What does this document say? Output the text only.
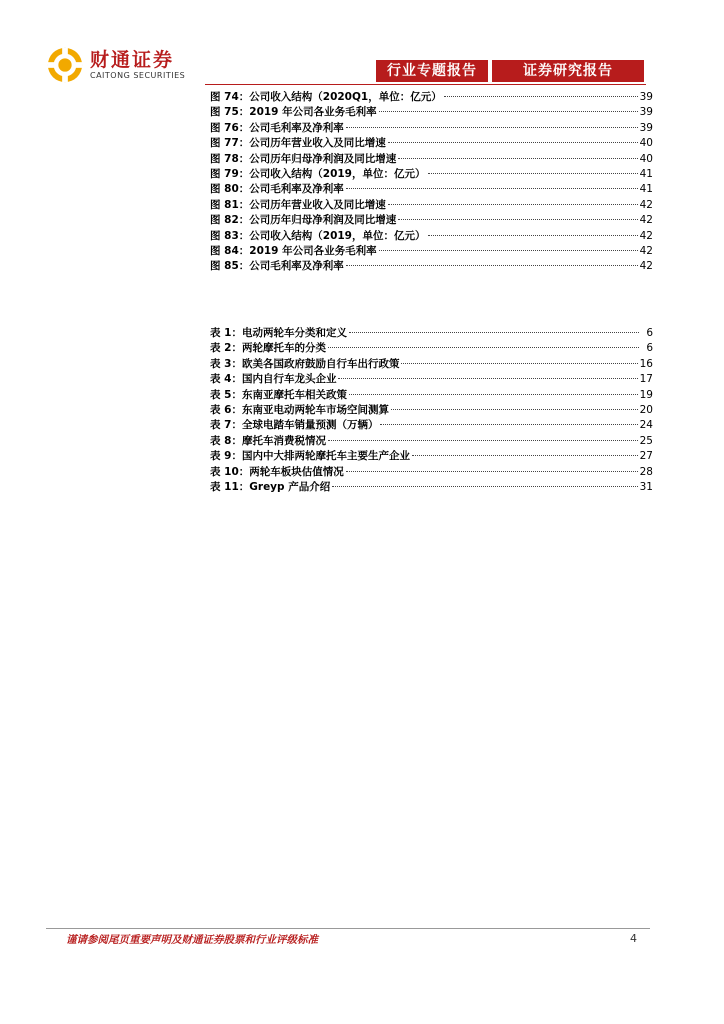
财通证券
CAITONG SECURITIES	行业专题报告	证券研究报告
图 74：公司收入结构（2020Q1，单位：亿元）	39
图 75：2019 年公司各业务毛利率	39
图 76：公司毛利率及净利率	39
图 77：公司历年营业收入及同比增速	40
图 78：公司历年归母净利润及同比增速	40
图 79：公司收入结构（2019，单位：亿元）	41
图 80：公司毛利率及净利率	41
图 81：公司历年营业收入及同比增速	42
图 82：公司历年归母净利润及同比增速	42
图 83：公司收入结构（2019，单位：亿元）	42
图 84：2019 年公司各业务毛利率	42
图 85：公司毛利率及净利率	42
表 1：电动两轮车分类和定义	6
表 2：两轮摩托车的分类	6
表 3：欧美各国政府鼓励自行车出行政策	16
表 4：国内自行车龙头企业	17
表 5：东南亚摩托车相关政策	19
表 6：东南亚电动两轮车市场空间测算	20
表 7：全球电踏车销量预测（万辆）	24
表 8：摩托车消费税情况	25
表 9：国内中大排两轮摩托车主要生产企业	27
表 10：两轮车板块估值情况	28
表 11：Greyp 产品介绍	31
谨请参阅尾页重要声明及财通证券股票和行业评级标准	4
